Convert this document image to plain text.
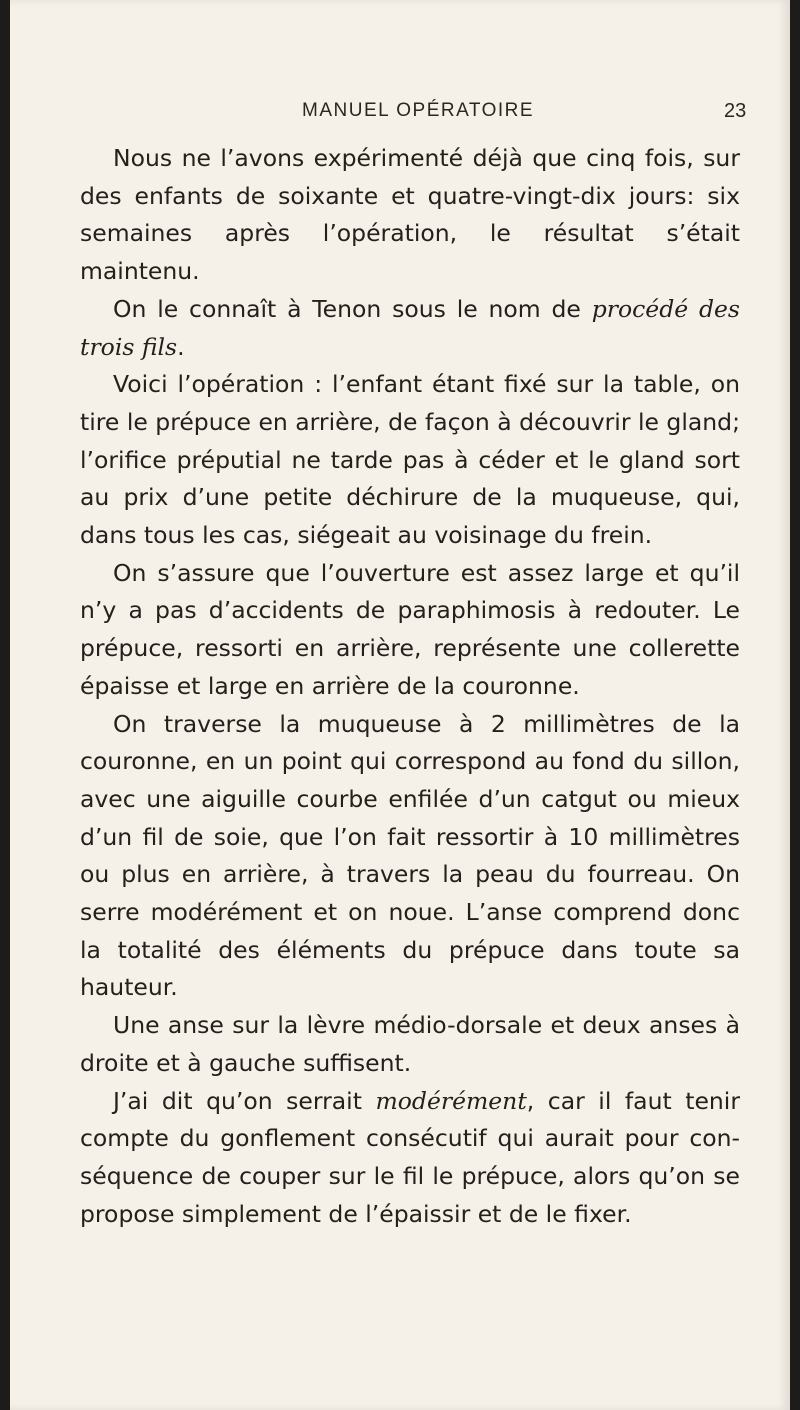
MANUEL OPÉRATOIRE	23

Nous ne l’avons expérimenté déjà que cinq fois, sur des enfants de soixante et quatre-vingt-dix jours: six semaines après l’opération, le résultat s’était maintenu.

On le connaît à Tenon sous le nom de procédé des trois fils.

Voici l’opération : l’enfant étant fixé sur la table, on tire le prépuce en arrière, de façon à découvrir le gland; l’orifice préputial ne tarde pas à céder et le gland sort au prix d’une petite déchirure de la muqueuse, qui, dans tous les cas, siégeait au voisinage du frein.

On s’assure que l’ouverture est assez large et qu’il n’y a pas d’accidents de paraphimosis à redouter. Le prépuce, ressorti en arrière, représente une collerette épaisse et large en arrière de la couronne.

On traverse la muqueuse à 2 millimètres de la couronne, en un point qui correspond au fond du sillon, avec une aiguille courbe enfilée d’un catgut ou mieux d’un fil de soie, que l’on fait ressortir à 10 millimètres ou plus en arrière, à travers la peau du fourreau. On serre modérément et on noue. L’anse comprend donc la totalité des éléments du prépuce dans toute sa hauteur.

Une anse sur la lèvre médio-dorsale et deux anses à droite et à gauche suffisent.

J’ai dit qu’on serrait modérément, car il faut tenir compte du gonflement consécutif qui aurait pour conséquence de couper sur le fil le prépuce, alors qu’on se propose simplement de l’épaissir et de le fixer.
